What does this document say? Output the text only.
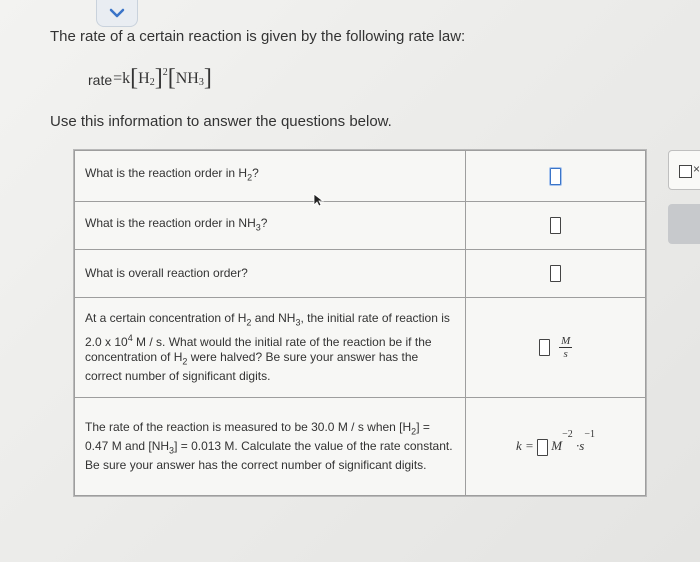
The rate of a certain reaction is given by the following rate law:
rate = k [ $H_2$ ]$^2$ [ $NH_3$ ]
Use this information to answer the questions below.
What is the reaction order in $H_2$?	
What is the reaction order in $NH_3$?	
What is overall reaction order?	
At a certain concentration of $H_2$ and $NH_3$, the initial rate of reaction is 2.0 x $10^4$ M / s. What would the initial rate of the reaction be if the concentration of $H_2$ were halved? Be sure your answer has the correct number of significant digits.	$\frac{M}{s}$

The rate of the reaction is measured to be 30.0 M / s when $[H_2] = 0.47$ M and $[NH_3] = 0.013$ M. Calculate the value of the rate constant. Be sure your answer has the correct number of significant digits.	$k = M^{-2} \cdot s^{-1}$
×
